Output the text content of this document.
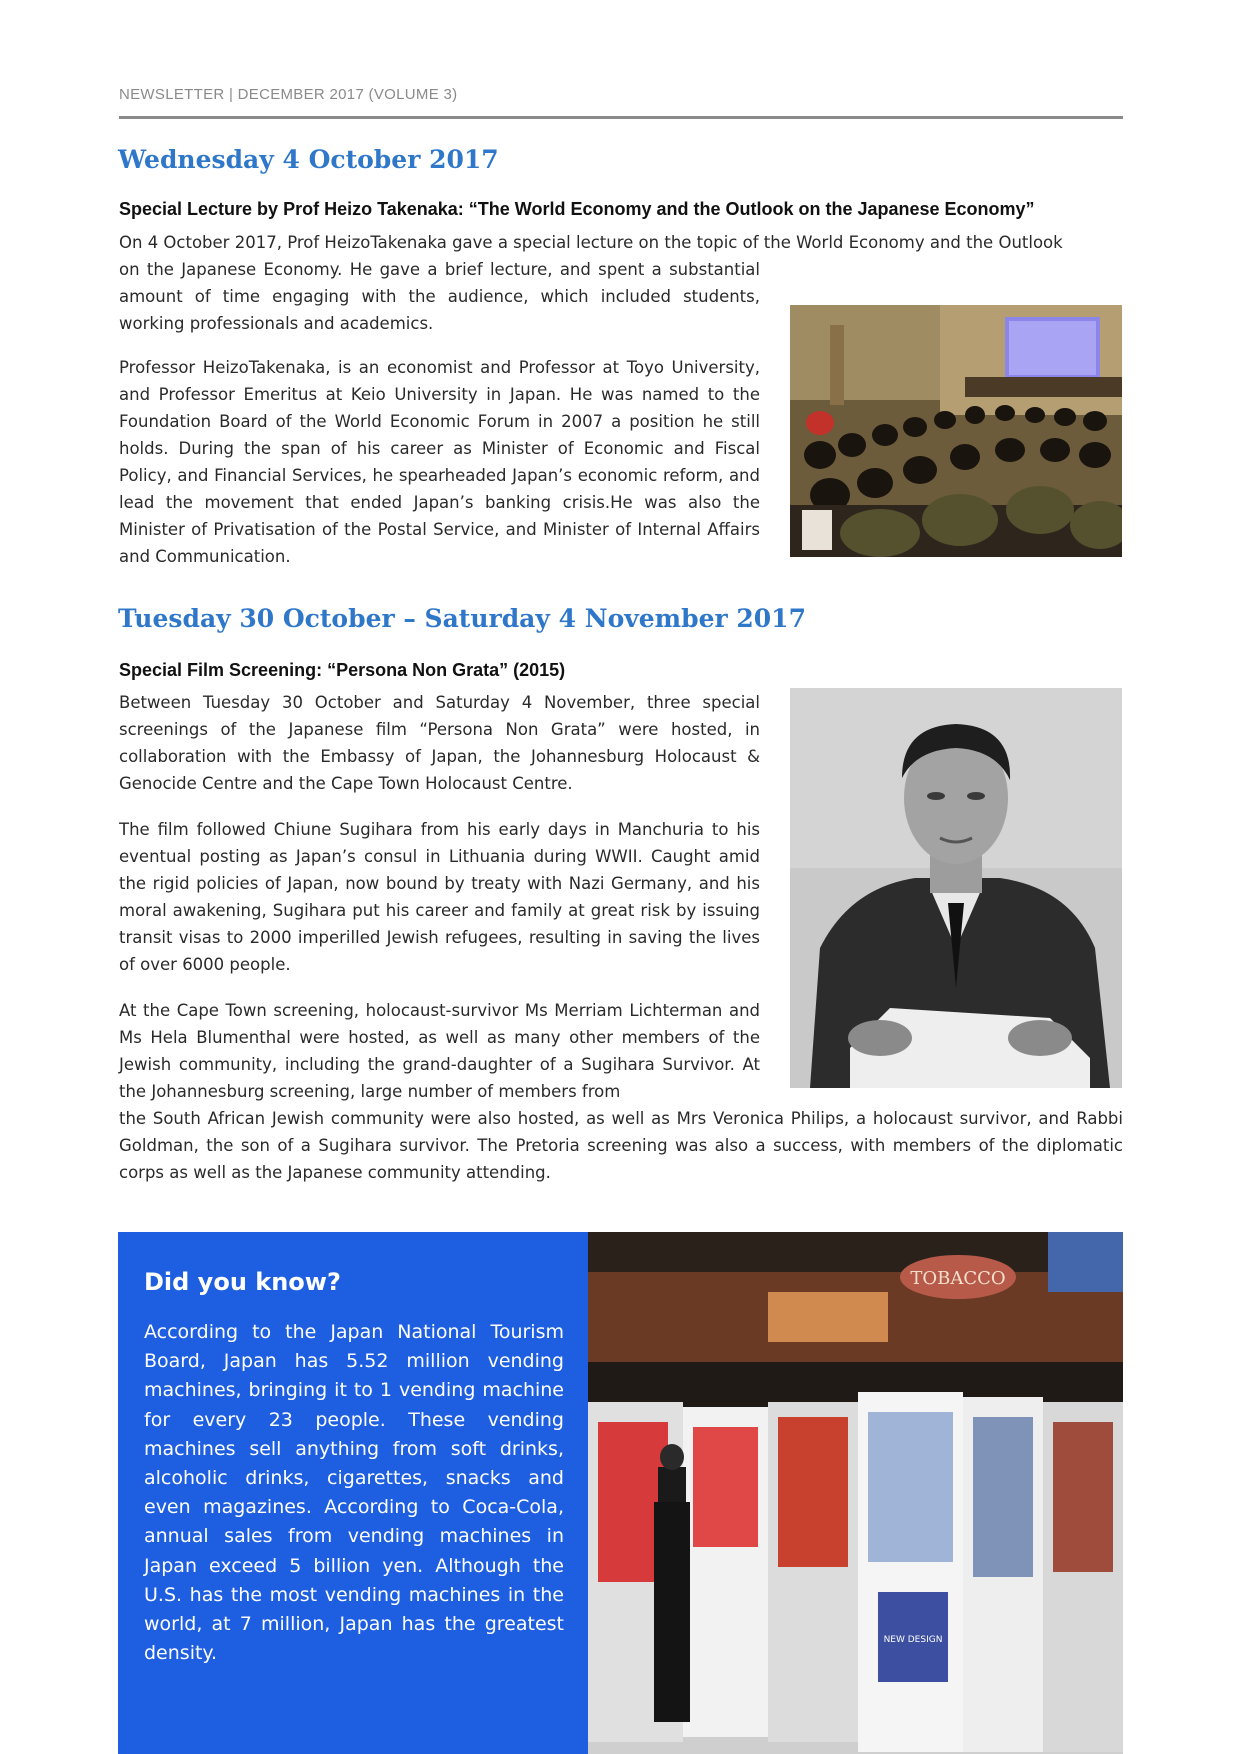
NEWSLETTER | DECEMBER 2017 (VOLUME 3)
Wednesday 4 October 2017
Special Lecture by Prof Heizo Takenaka: “The World Economy and the Outlook on the Japanese Economy”

On 4 October 2017, Prof HeizoTakenaka gave a special lecture on the topic of the World Economy and the Outlook

on the Japanese Economy. He gave a brief lecture, and spent a substantial amount of time engaging with the audience, which included students, working professionals and academics.

Professor HeizoTakenaka, is an economist and Professor at Toyo University, and Professor Emeritus at Keio University in Japan. He was named to the Foundation Board of the World Economic Forum in 2007 a position he still holds. During the span of his career as Minister of Economic and Fiscal Policy, and Financial Services, he spearheaded Japan’s economic reform, and lead the movement that ended Japan’s banking crisis.He was also the Minister of Privatisation of the Postal Service, and Minister of Internal Affairs and Communication.

Tuesday 30 October – Saturday 4 November 2017
Special Film Screening: “Persona Non Grata” (2015)

Between Tuesday 30 October and Saturday 4 November, three special screenings of the Japanese film “Persona Non Grata” were hosted, in collaboration with the Embassy of Japan, the Johannesburg Holocaust & Genocide Centre and the Cape Town Holocaust Centre.

The film followed Chiune Sugihara from his early days in Manchuria to his eventual posting as Japan’s consul in Lithuania during WWII. Caught amid the rigid policies of Japan, now bound by treaty with Nazi Germany, and his moral awakening, Sugihara put his career and family at great risk by issuing transit visas to 2000 imperilled Jewish refugees, resulting in saving the lives of over 6000 people.

At the Cape Town screening, holocaust-survivor Ms Merriam Lichterman and Ms Hela Blumenthal were hosted, as well as many other members of the Jewish community, including the grand-daughter of a Sugihara Survivor. At the Johannesburg screening, large number of members from

the South African Jewish community were also hosted, as well as Mrs Veronica Philips, a holocaust survivor, and Rabbi Goldman, the son of a Sugihara survivor. The Pretoria screening was also a success, with members of the diplomatic corps as well as the Japanese community attending.

Did you know?

According to the Japan National Tourism Board, Japan has 5.52 million vending machines, bringing it to 1 vending machine for every 23 people. These vending machines sell anything from soft drinks, alcoholic drinks, cigarettes, snacks and even magazines. According to Coca-Cola, annual sales from vending machines in Japan exceed 5 billion yen. Although the U.S. has the most vending machines in the world, at 7 million, Japan has the greatest density.

TOBACCO
NEW DESIGN
